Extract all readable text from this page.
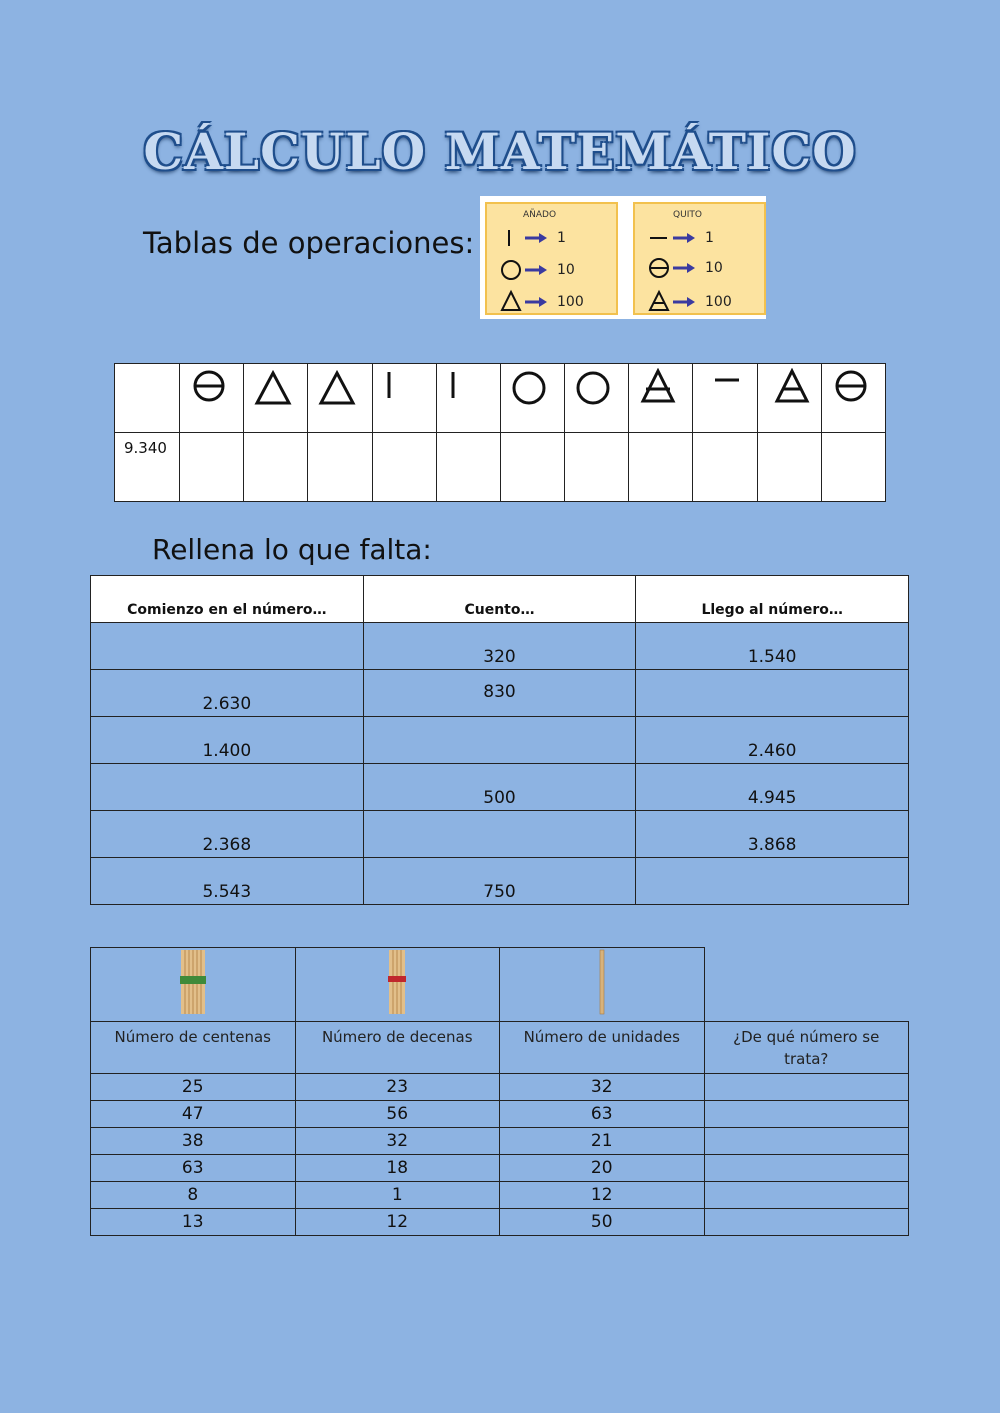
CÁLCULO MATEMÁTICO
Tablas de operaciones:
AÑADO
1
10
100
QUITO
1
10
100

9.340											
Rellena lo que falta:
Comienzo en el número…	Cuento…	Llego al número…
	320	1.540
2.630	830	
1.400		2.460
	500	4.945
2.368		3.868
5.543	750	

Número de centenas	Número de decenas	Número de unidades	¿De qué número se trata?
25	23	32	
47	56	63	
38	32	21	
63	18	20	
8	1	12	
13	12	50	
